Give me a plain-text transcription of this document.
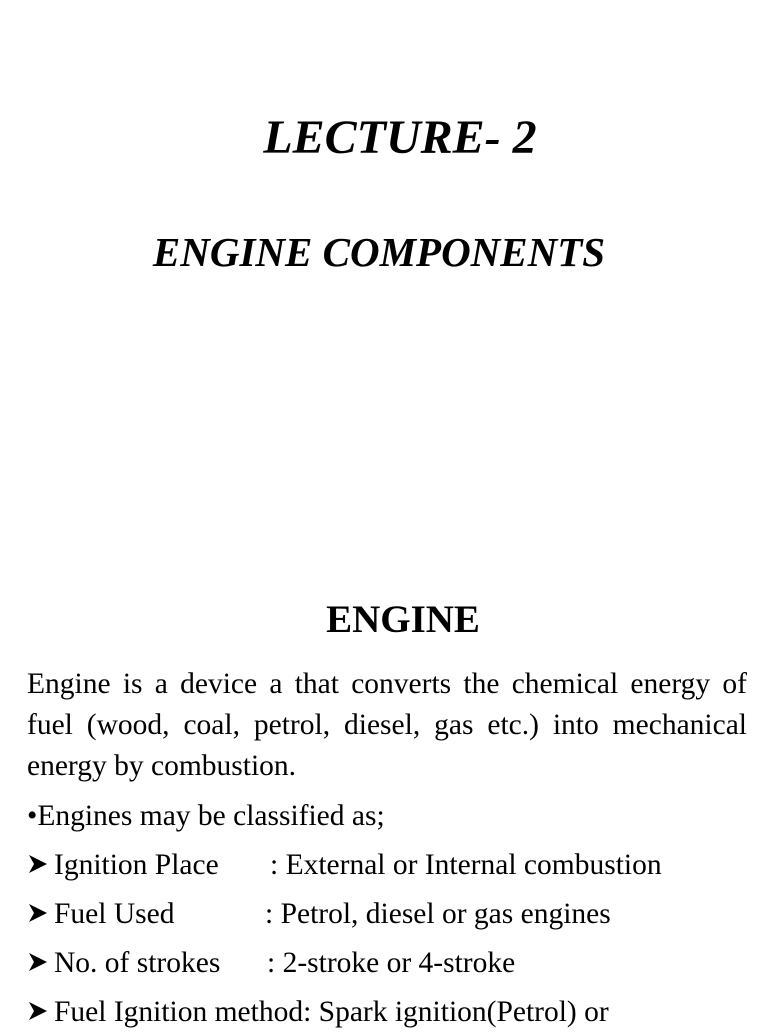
LECTURE- 2
ENGINE COMPONENTS
ENGINE

Engine is a device a that converts the chemical energy of fuel (wood, coal, petrol, diesel, gas etc.) into mechanical energy by combustion.

•Engines may be classified as;
Ignition Place : External or Internal combustion
Fuel Used	: Petrol, diesel or gas engines
No. of strokes : 2-stroke or 4-stroke
Fuel Ignition method: Spark ignition(Petrol) or
